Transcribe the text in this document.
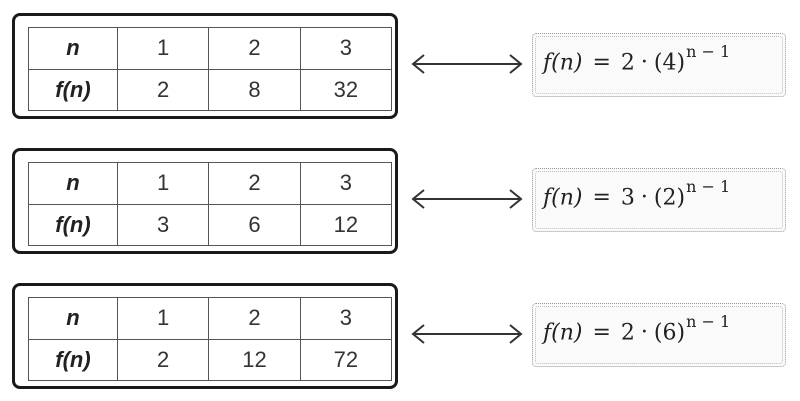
n	1	2	3
f(n)	2	8	32
$f(n) = 2 \cdot (4)^{n - 1}$
n	1	2	3
f(n)	3	6	12
$f(n) = 3 \cdot (2)^{n - 1}$
n	1	2	3
f(n)	2	12	72
$f(n) = 2 \cdot (6)^{n - 1}$
